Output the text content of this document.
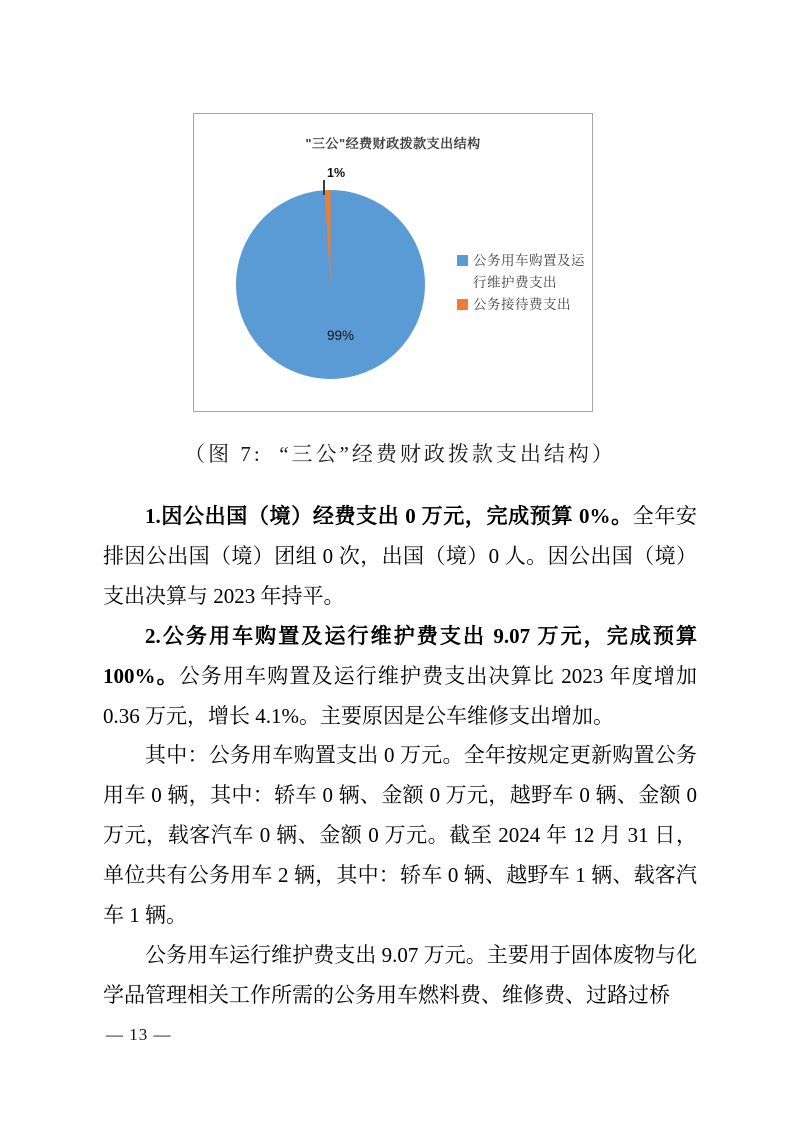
"三公"经费财政拨款支出结构
1%
99%
公务用车购置及运行维护费支出
公务接待费支出
（图 7:  “三公”经费财政拨款支出结构）

1.因公出国（境）经费支出 0 万元，完成预算 0%。全年安排因公出国（境）团组 0 次，出国（境）0 人。因公出国（境）支出决算与 2023 年持平。

2.公务用车购置及运行维护费支出 9.07 万元，完成预算 100%。公务用车购置及运行维护费支出决算比 2023 年度增加 0.36 万元，增长 4.1%。主要原因是公车维修支出增加。

其中：公务用车购置支出 0 万元。全年按规定更新购置公务用车 0 辆，其中：轿车 0 辆、金额 0 万元，越野车 0 辆、金额 0 万元，载客汽车 0 辆、金额 0 万元。截至 2024 年 12 月 31 日，单位共有公务用车 2 辆，其中：轿车 0 辆、越野车 1 辆、载客汽车 1 辆。

公务用车运行维护费支出 9.07 万元。主要用于固体废物与化学品管理相关工作所需的公务用车燃料费、维修费、过路过桥

— 13 —
